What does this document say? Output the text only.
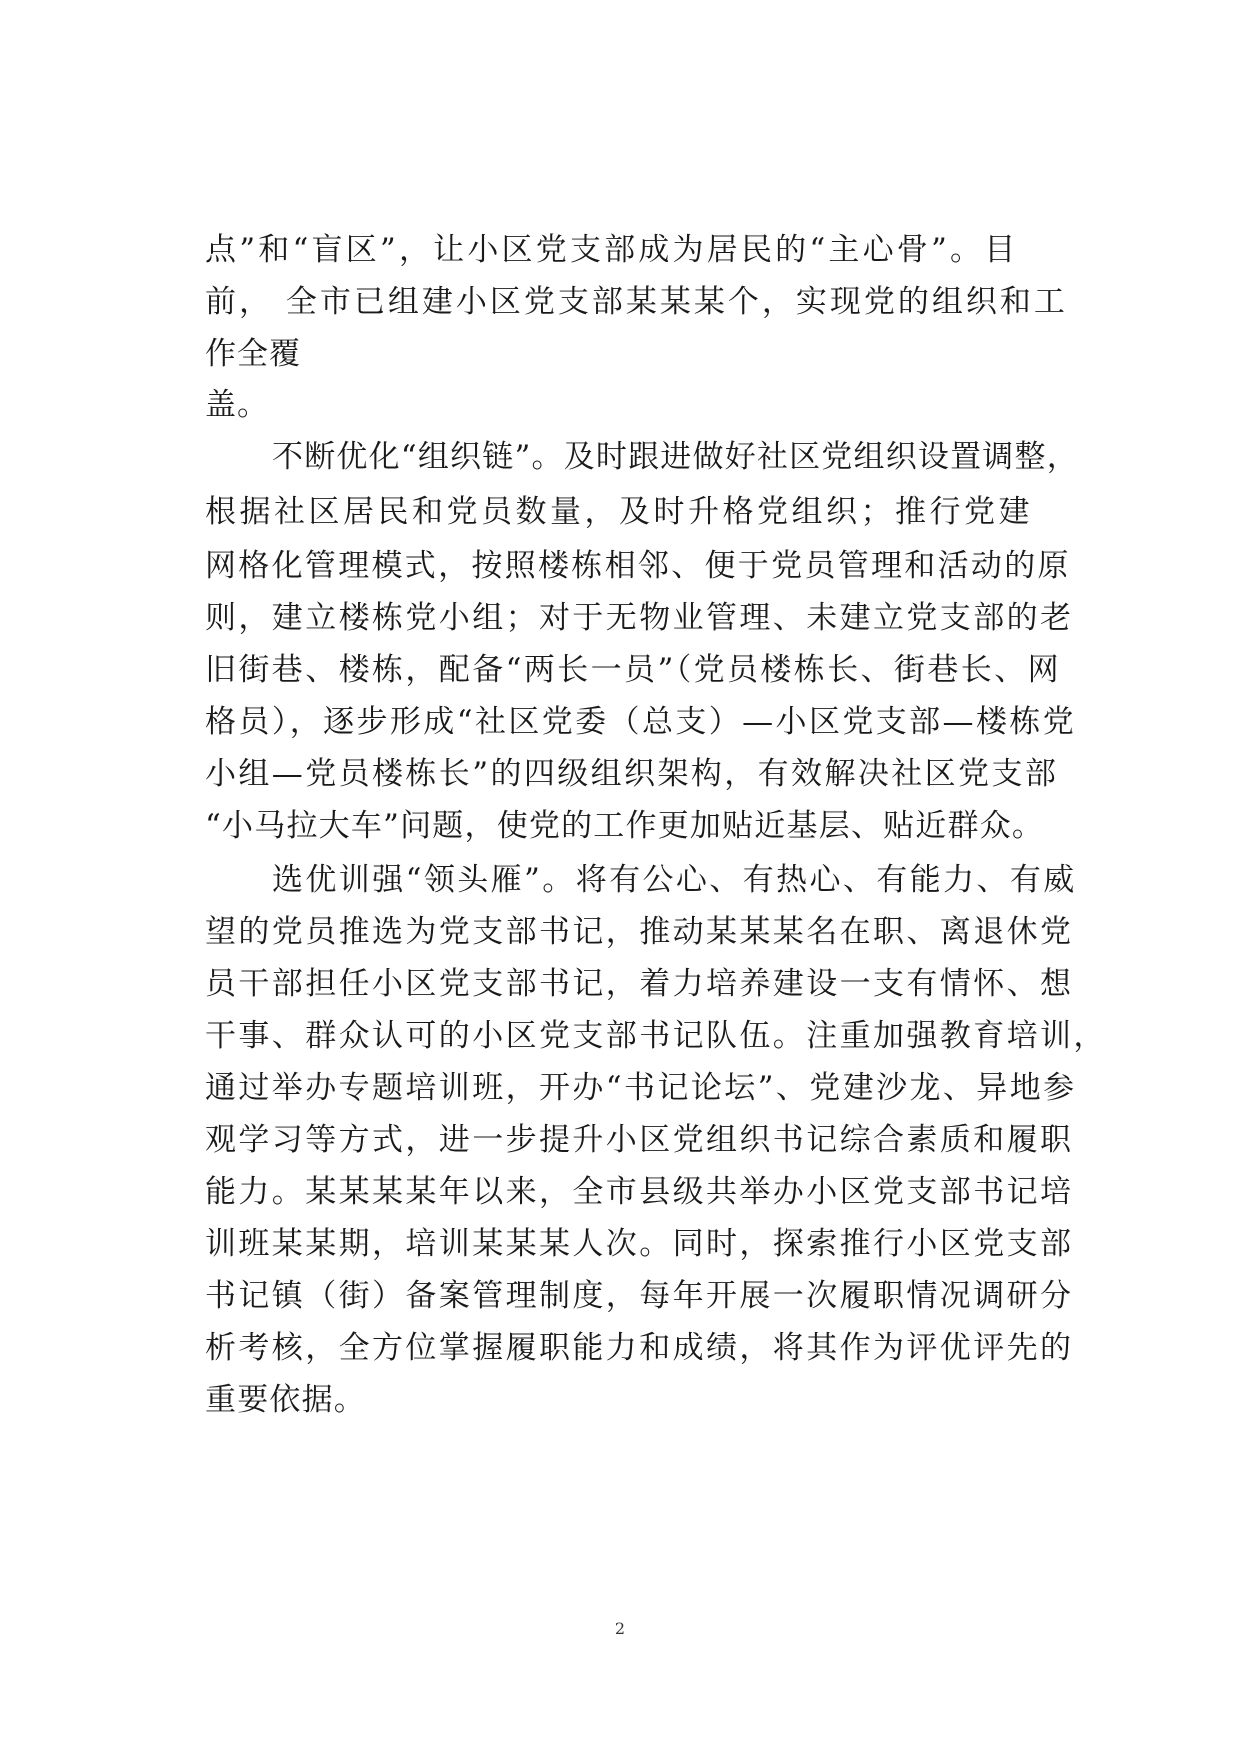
点”和“盲区”，让小区党支部成为居民的“主心骨”。目

前， 全市已组建小区党支部某某某个，实现党的组织和工

作全覆

盖。

不断优化“组织链”。及时跟进做好社区党组织设置调整，

根据社区居民和党员数量，及时升格党组织；推行党建

网格化管理模式，按照楼栋相邻、便于党员管理和活动的原

则，建立楼栋党小组；对于无物业管理、未建立党支部的老

旧街巷、楼栋，配备“两长一员”（党员楼栋长、街巷长、网

格员），逐步形成“社区党委（总支）—小区党支部—楼栋党

小组—党员楼栋长”的四级组织架构，有效解决社区党支部

“小马拉大车”问题，使党的工作更加贴近基层、贴近群众。

选优训强“领头雁”。将有公心、有热心、有能力、有威

望的党员推选为党支部书记，推动某某某名在职、离退休党

员干部担任小区党支部书记，着力培养建设一支有情怀、想

干事、群众认可的小区党支部书记队伍。注重加强教育培训，

通过举办专题培训班，开办“书记论坛”、党建沙龙、异地参

观学习等方式，进一步提升小区党组织书记综合素质和履职

能力。某某某某年以来，全市县级共举办小区党支部书记培

训班某某期，培训某某某人次。同时，探索推行小区党支部

书记镇（街）备案管理制度，每年开展一次履职情况调研分

析考核，全方位掌握履职能力和成绩，将其作为评优评先的

重要依据。

2
